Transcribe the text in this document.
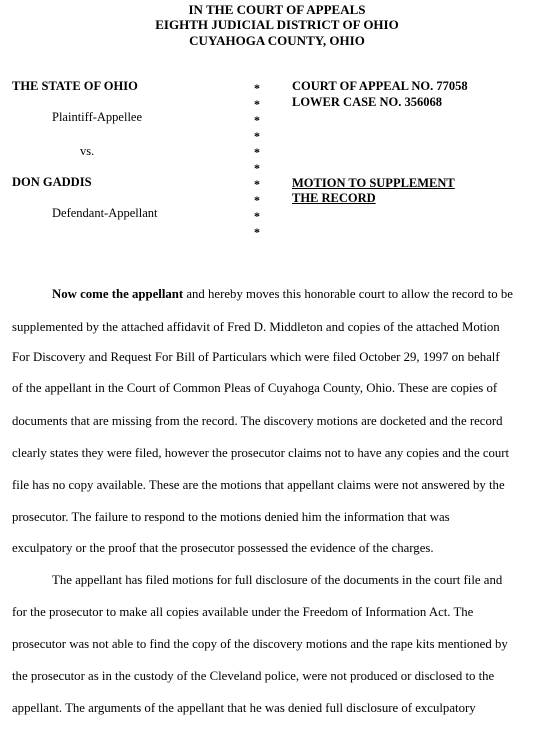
IN THE COURT OF APPEALS
EIGHTH JUDICIAL DISTRICT OF OHIO
CUYAHOGA COUNTY, OHIO
THE STATE OF OHIO
Plaintiff-Appellee
vs.
DON GADDIS
Defendant-Appellant
*
*
*
*
*
*
*
*
*
*
COURT OF APPEAL NO. 77058
LOWER CASE NO. 356068
MOTION TO SUPPLEMENT
THE RECORD
Now come the appellant and hereby moves this honorable court to allow the record to be
supplemented by the attached affidavit of Fred D. Middleton and copies of the attached Motion
For Discovery and Request For Bill of Particulars which were filed October 29, 1997 on behalf
of the appellant in the Court of Common Pleas of Cuyahoga County, Ohio. These are copies of
documents that are missing from the record. The discovery motions are docketed and the record
clearly states they were filed, however the prosecutor claims not to have any copies and the court
file has no copy available. These are the motions that appellant claims were not answered by the
prosecutor. The failure to respond to the motions denied him the information that was
exculpatory or the proof that the prosecutor possessed the evidence of the charges.
The appellant has filed motions for full disclosure of the documents in the court file and
for the prosecutor to make all copies available under the Freedom of Information Act. The
prosecutor was not able to find the copy of the discovery motions and the rape kits mentioned by
the prosecutor as in the custody of the Cleveland police, were not produced or disclosed to the
appellant. The arguments of the appellant that he was denied full disclosure of exculpatory
